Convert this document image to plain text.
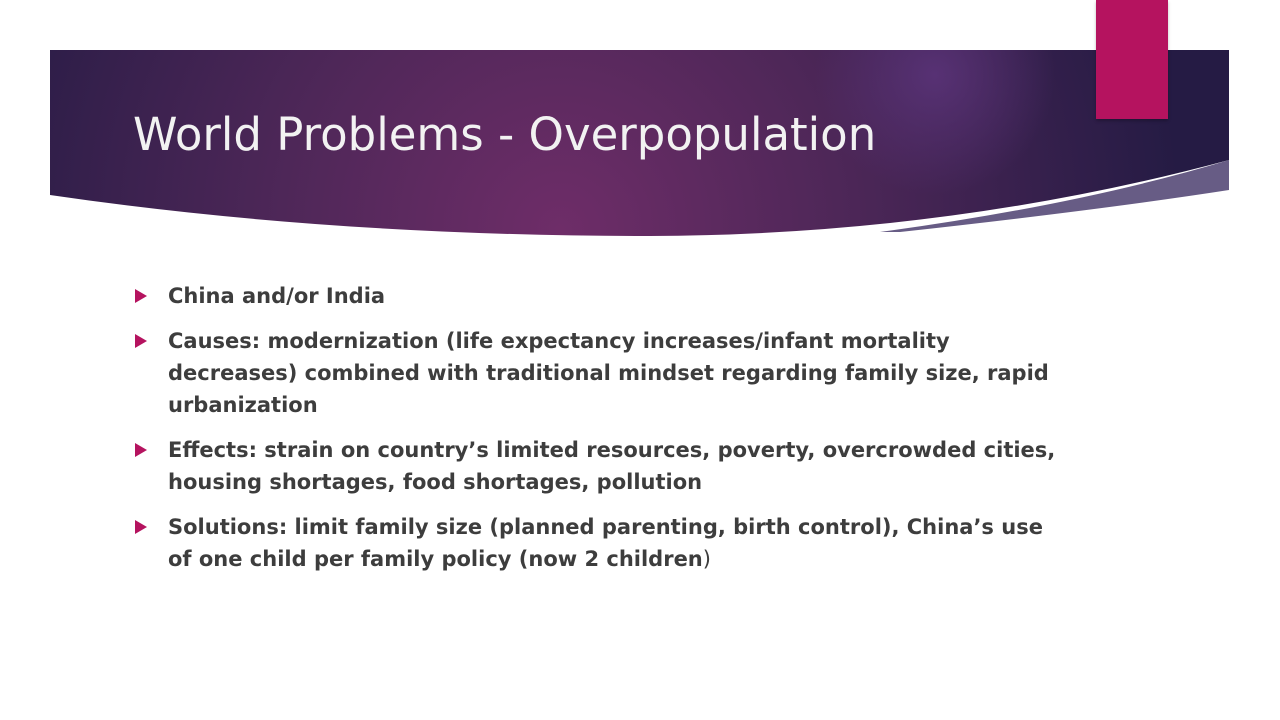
World Problems - Overpopulation
China and/or India
Causes: modernization (life expectancy increases/infant mortality decreases) combined with traditional mindset regarding family size, rapid urbanization
Effects: strain on country’s limited resources, poverty, overcrowded cities, housing shortages, food shortages, pollution
Solutions: limit family size (planned parenting, birth control), China’s use of one child per family policy (now 2 children)
